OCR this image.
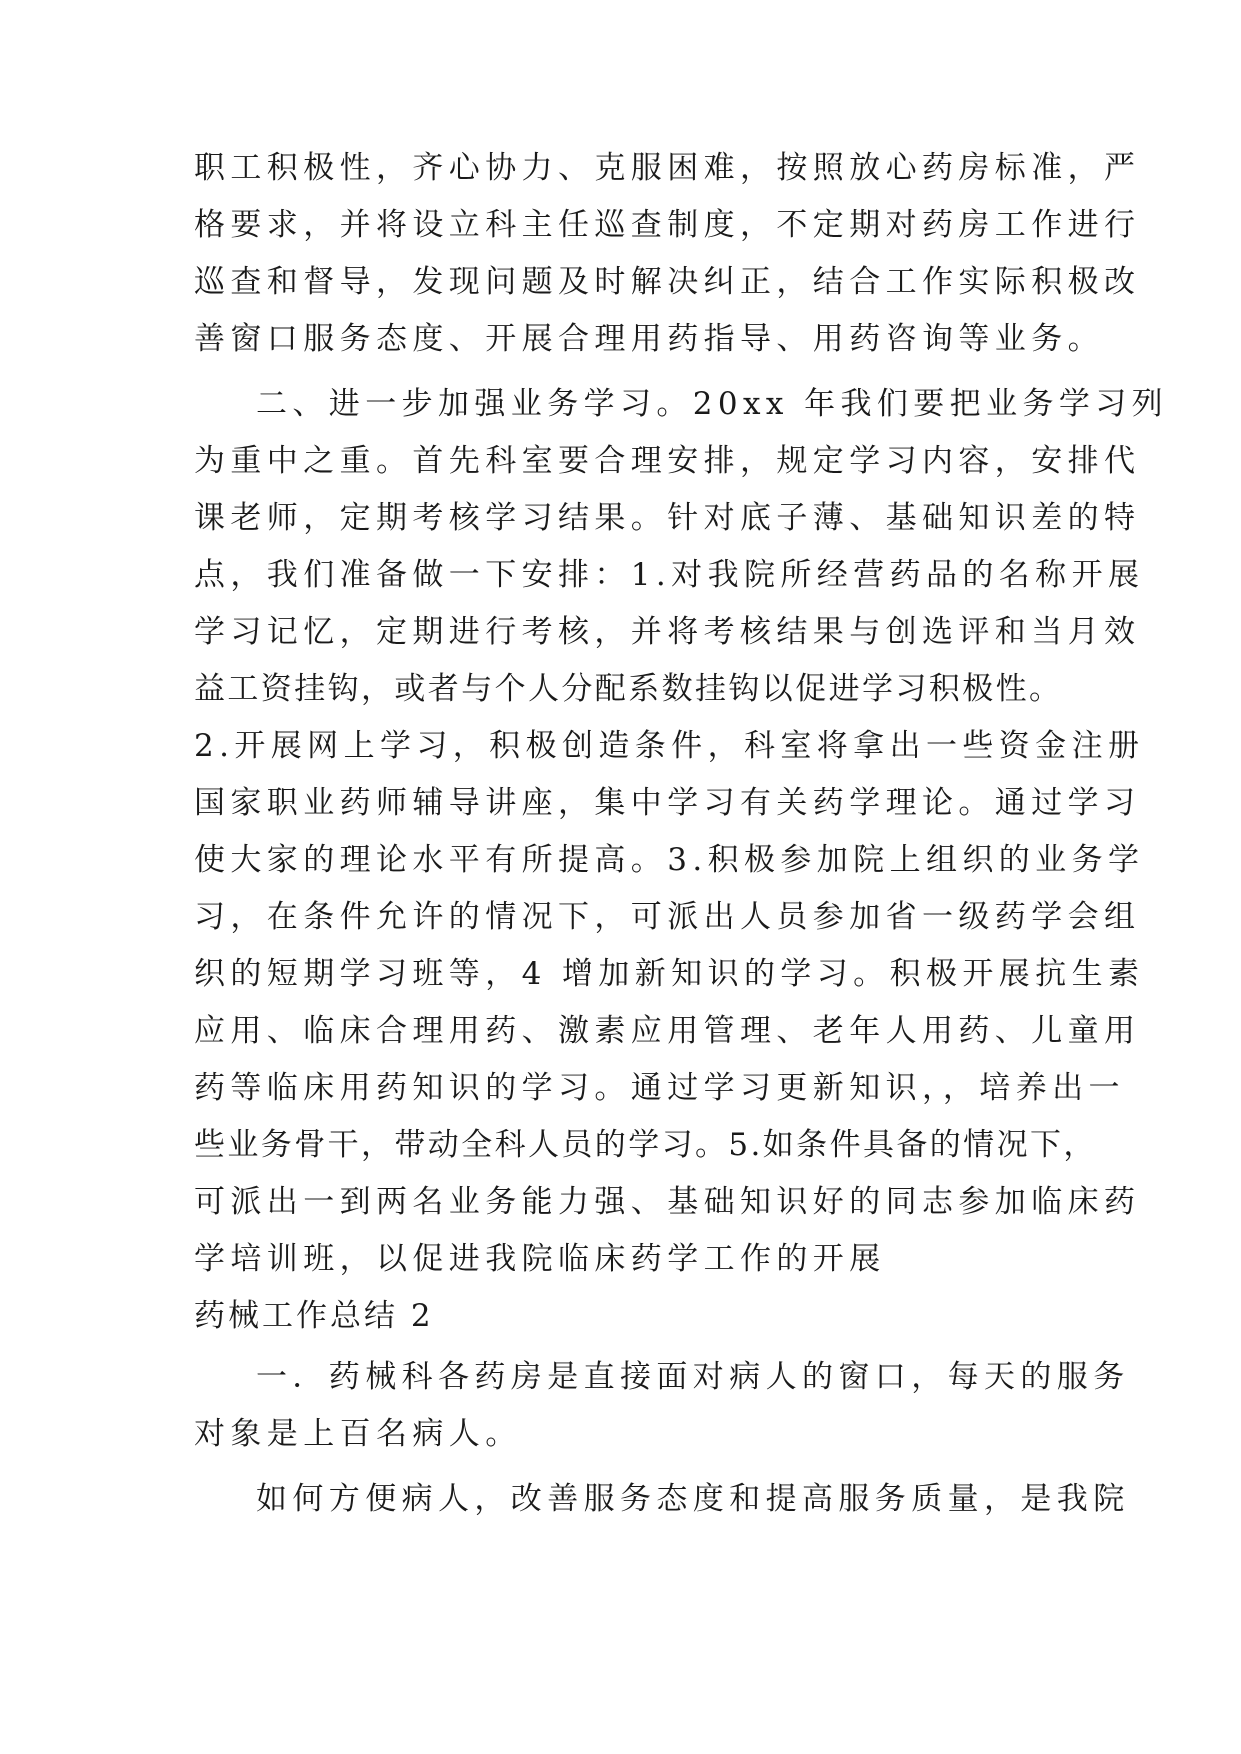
职工积极性，齐心协力、克服困难，按照放心药房标准，严
格要求，并将设立科主任巡查制度，不定期对药房工作进行
巡查和督导，发现问题及时解决纠正，结合工作实际积极改
善窗口服务态度、开展合理用药指导、用药咨询等业务。
二、进一步加强业务学习。20xx 年我们要把业务学习列
为重中之重。首先科室要合理安排，规定学习内容，安排代
课老师，定期考核学习结果。针对底子薄、基础知识差的特
点，我们准备做一下安排：1.对我院所经营药品的名称开展
学习记忆，定期进行考核，并将考核结果与创选评和当月效
益工资挂钩，或者与个人分配系数挂钩以促进学习积极性。
2.开展网上学习，积极创造条件，科室将拿出一些资金注册
国家职业药师辅导讲座，集中学习有关药学理论。通过学习
使大家的理论水平有所提高。3.积极参加院上组织的业务学
习，在条件允许的情况下，可派出人员参加省一级药学会组
织的短期学习班等，4 增加新知识的学习。积极开展抗生素
应用、临床合理用药、激素应用管理、老年人用药、儿童用
药等临床用药知识的学习。通过学习更新知识，，培养出一
些业务骨干，带动全科人员的学习。5.如条件具备的情况下，
可派出一到两名业务能力强、基础知识好的同志参加临床药
学培训班，以促进我院临床药学工作的开展
药械工作总结 2
一．药械科各药房是直接面对病人的窗口，每天的服务
对象是上百名病人。
如何方便病人，改善服务态度和提高服务质量，是我院
